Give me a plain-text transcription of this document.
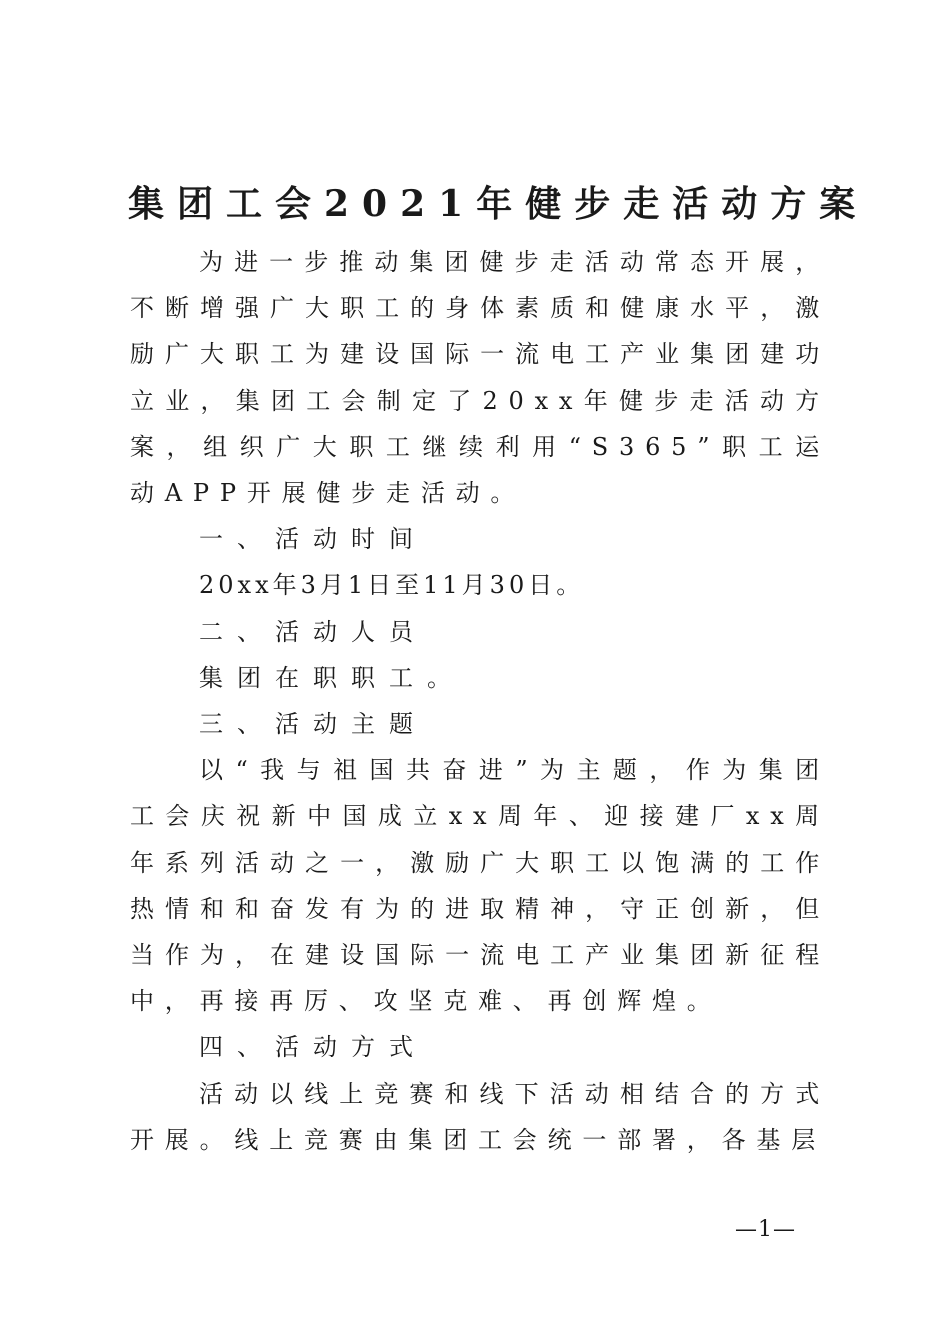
集团工会2021年健步走活动方案

为进一步推动集团健步走活动常态开展，不断增强广大职工的身体素质和健康水平，激励广大职工为建设国际一流电工产业集团建功立业，集团工会制定了20xx年健步走活动方案，组织广大职工继续利用“S365”职工运动APP开展健步走活动。

一、活动时间

20xx年3月1日至11月30日。

二、活动人员

集团在职职工。

三、活动主题

以“我与祖国共奋进”为主题，作为集团工会庆祝新中国成立xx周年、迎接建厂xx周年系列活动之一，激励广大职工以饱满的工作热情和和奋发有为的进取精神，守正创新，但当作为，在建设国际一流电工产业集团新征程中，再接再厉、攻坚克难、再创辉煌。

四、活动方式

活动以线上竞赛和线下活动相结合的方式开展。线上竞赛由集团工会统一部署，各基层

—1—
